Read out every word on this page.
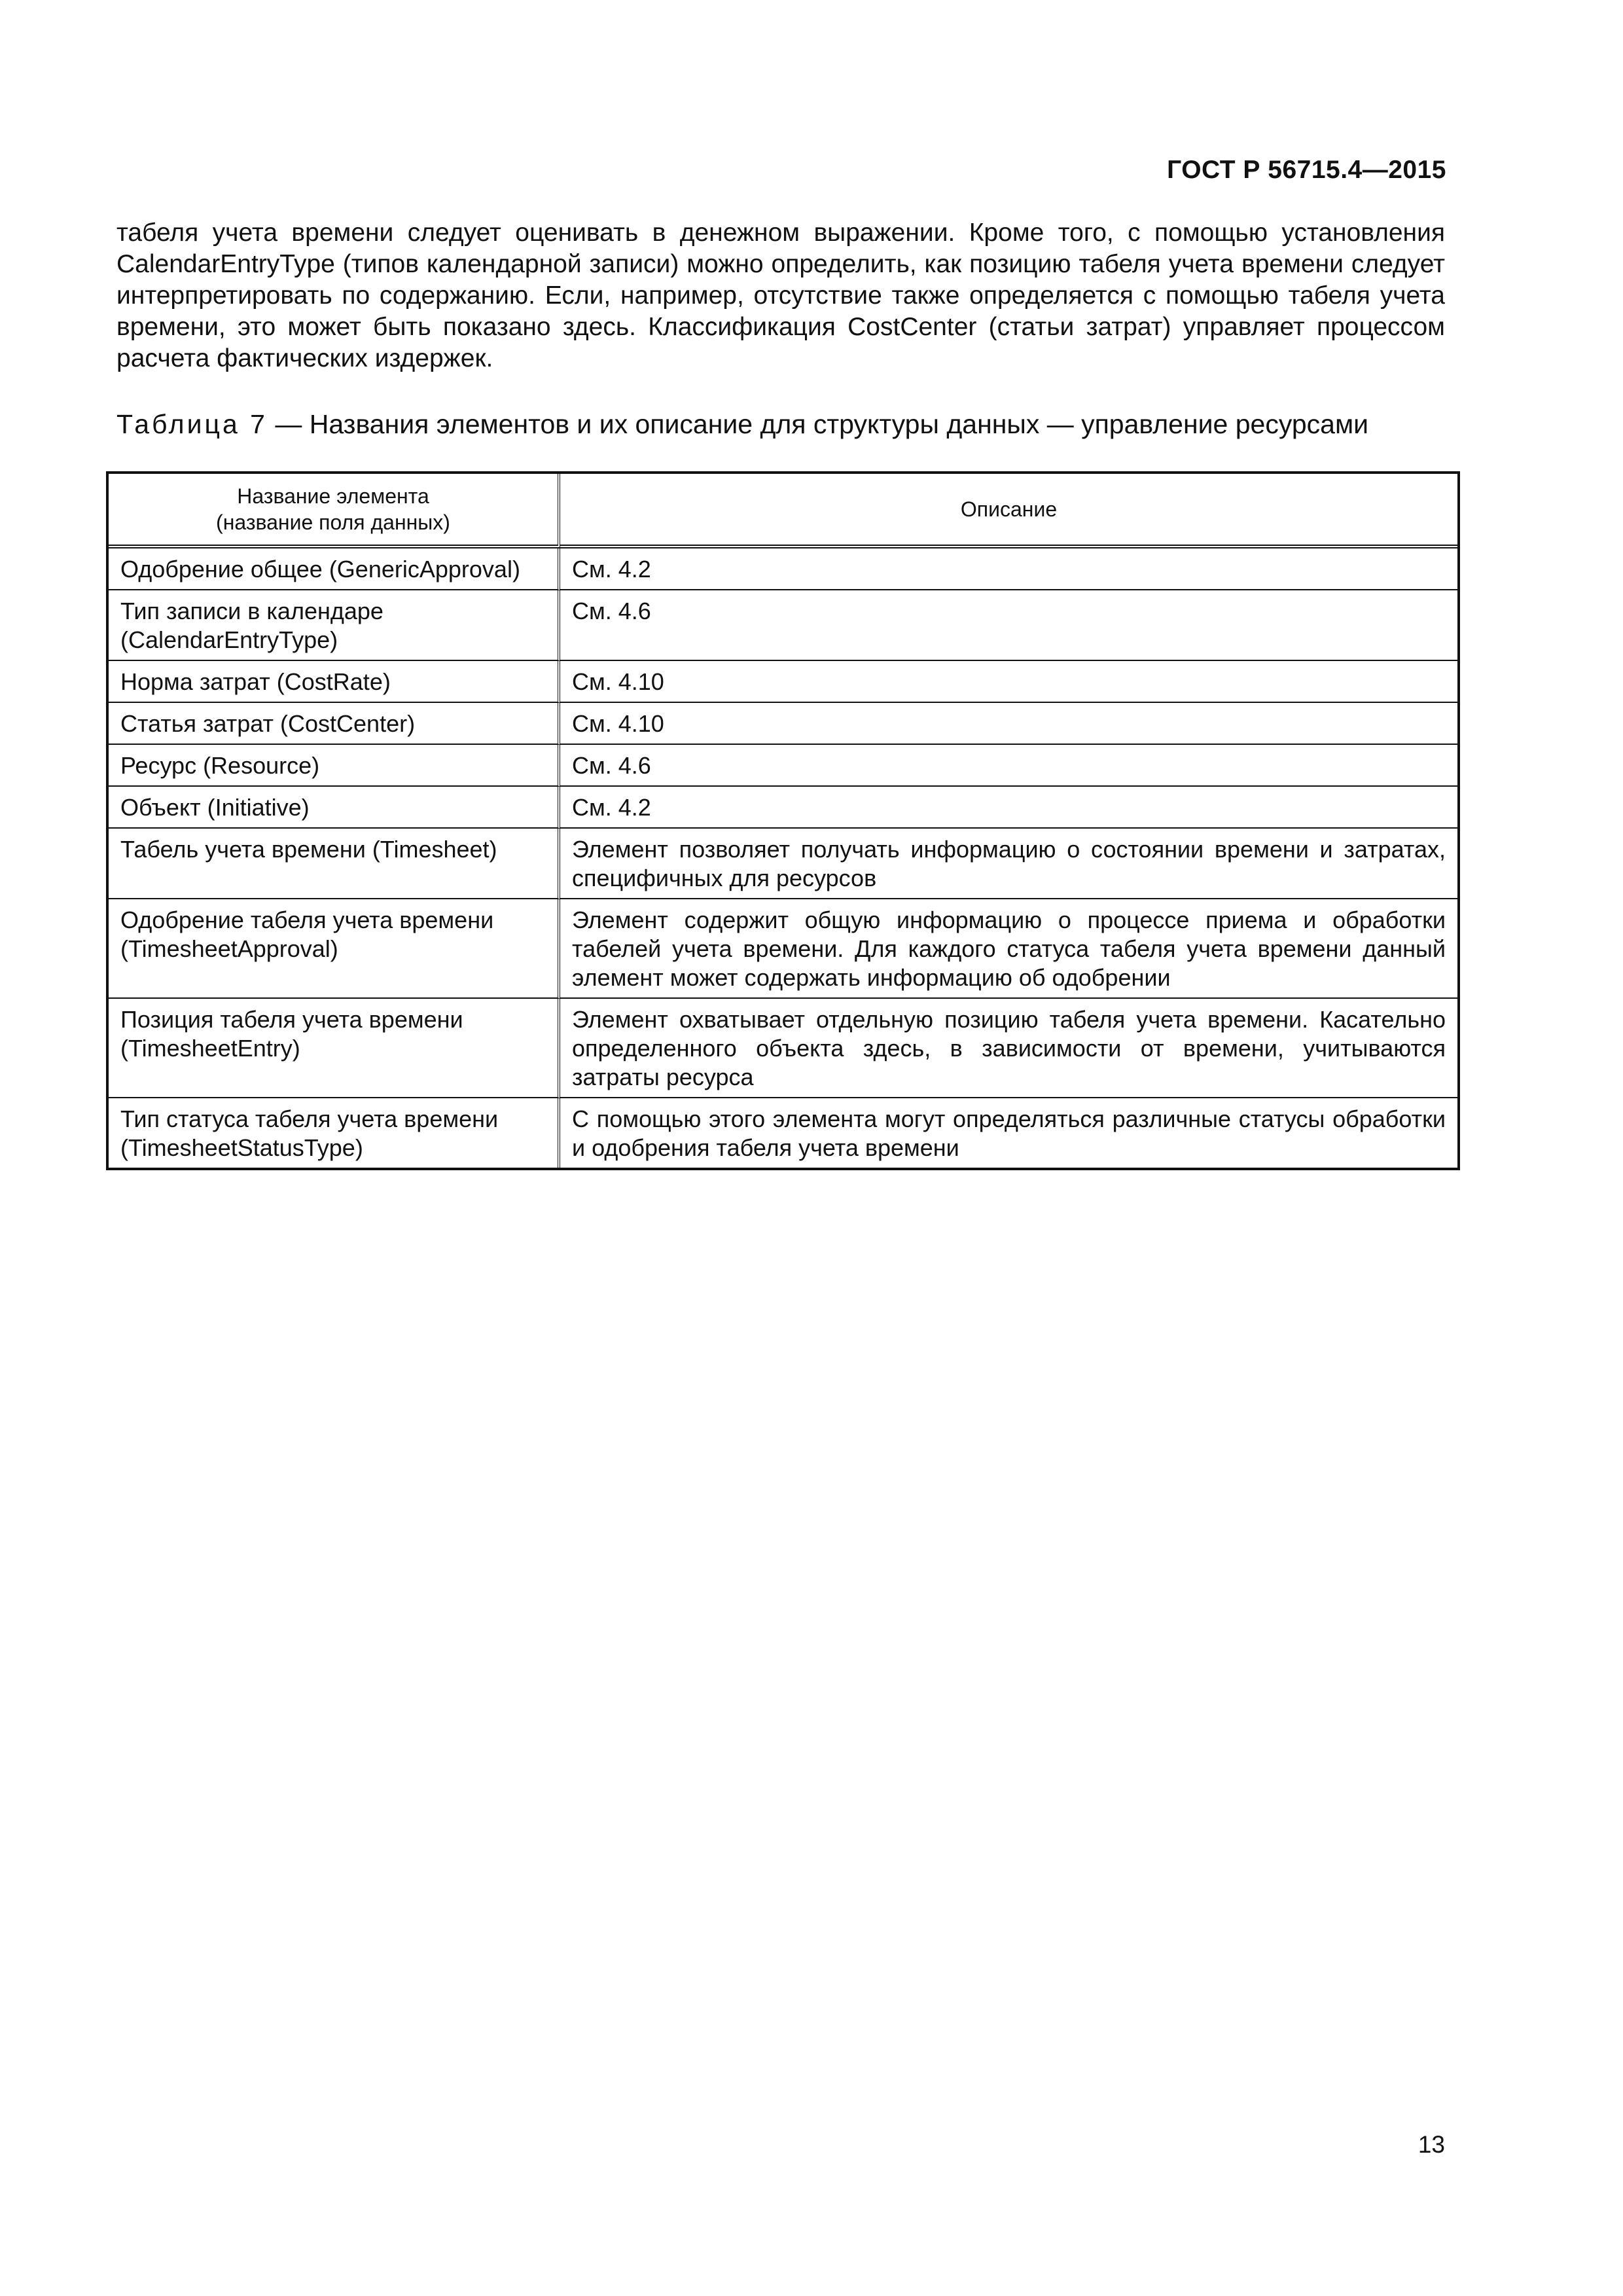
ГОСТ Р 56715.4—2015

табеля учета времени следует оценивать в денежном выражении. Кроме того, с помощью установления CalendarEntryType (типов календарной записи) можно определить, как позицию табеля учета времени следует интерпретировать по содержанию. Если, например, отсутствие также определяется с помощью табеля учета времени, это может быть показано здесь. Классификация CostCenter (статьи затрат) управляет процессом расчета фактических издержек.

Таблица 7 — Названия элементов и их описание для структуры данных — управление ресурсами
Название элемента
(название поля данных)	Описание
Одобрение общее (GenericApproval)	См. 4.2
Тип записи в календаре (CalendarEntryType)	См. 4.6
Норма затрат (CostRate)	См. 4.10
Статья затрат (CostCenter)	См. 4.10
Ресурс (Resource)	См. 4.6
Объект (Initiative)	См. 4.2
Табель учета времени (Timesheet)	Элемент позволяет получать информацию о состоянии времени и затратах, специфичных для ресурсов
Одобрение табеля учета времени (TimesheetApproval)	Элемент содержит общую информацию о процессе приема и обработки табелей учета времени. Для каждого статуса табеля учета времени данный элемент может содержать информацию об одобрении
Позиция табеля учета времени (TimesheetEntry)	Элемент охватывает отдельную позицию табеля учета времени. Касательно определенного объекта здесь, в зависимости от времени, учитываются затраты ресурса
Тип статуса табеля учета времени (TimesheetStatusType)	С помощью этого элемента могут определяться различные статусы обработки и одобрения табеля учета времени
13
